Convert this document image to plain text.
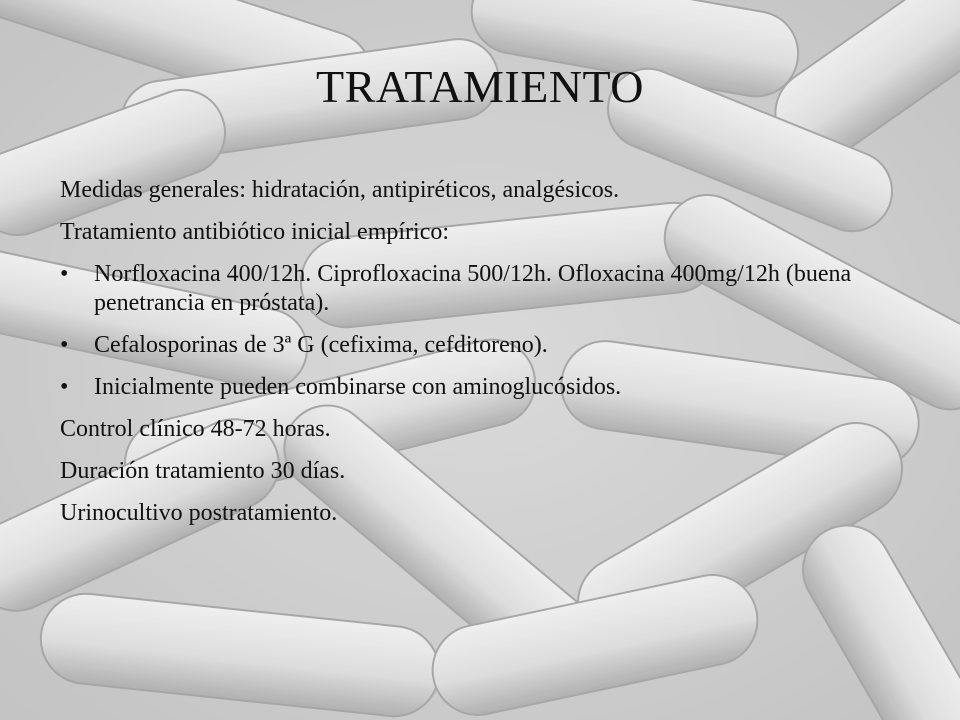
TRATAMIENTO
Medidas generales: hidratación, antipiréticos, analgésicos.
Tratamiento antibiótico inicial empírico:
•	Norfloxacina 400/12h. Ciprofloxacina 500/12h. Ofloxacina 400mg/12h (buena penetrancia en próstata).
•	Cefalosporinas de 3ª G (cefixima, cefditoreno).
•	Inicialmente pueden combinarse con aminoglucósidos.
Control clínico 48-72 horas.
Duración tratamiento 30 días.
Urinocultivo postratamiento.
